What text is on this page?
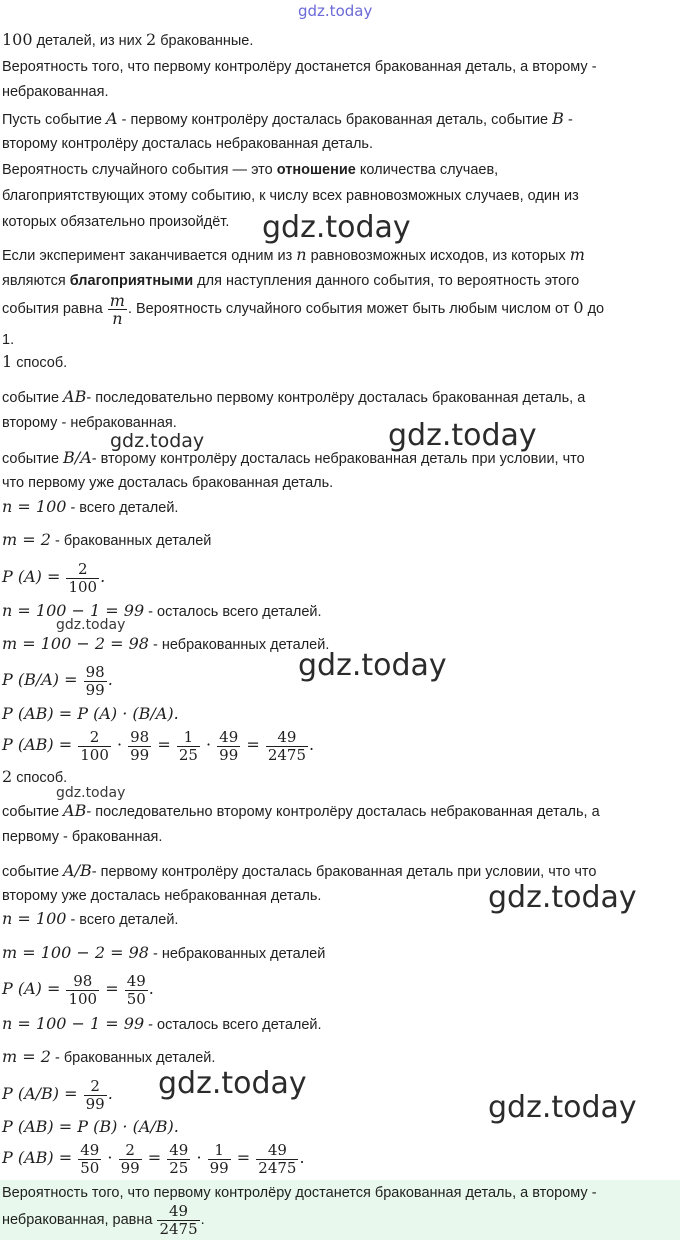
gdz.today
gdz.today
gdz.today
gdz.today
gdz.today
gdz.today
gdz.today
gdz.today
gdz.today
gdz.today
100 деталей, из них 2 бракованные.
Вероятность того, что первому контролёру достанется бракованная деталь, а второму -
небракованная.
Пусть событие A - первому контролёру досталась бракованная деталь, событие B -
второму контролёру досталась небракованная деталь.
Вероятность случайного события — это отношение количества случаев,
благоприятствующих этому событию, к числу всех равновозможных случаев, один из
которых обязательно произойдёт.
Если эксперимент заканчивается одним из n равновозможных исходов, из которых m
являются благоприятными для наступления данного события, то вероятность этого
события равна $\frac{m}{n}$ . Вероятность случайного события может быть любым числом от 0 до
1.
1 способ.
событие AB- последовательно первому контролёру досталась бракованная деталь, а
второму - небракованная.
событие B/A- второму контролёру досталась небракованная деталь при условии, что
что первому уже досталась бракованная деталь.
n = 100 - всего деталей.
m = 2 - бракованных деталей
P $(A) = \frac{2}{100}$ .
n = 100 − 1 = 99 - осталось всего деталей.
m = 100 − 2 = 98 - небракованных деталей.
P $(B/A) = \frac{98}{99}$ .
P (AB) = P (A) · (B/A).
P $(AB) = \frac{2}{100} \cdot \frac{98}{99} = \frac{1}{25} \cdot \frac{49}{99} = \frac{49}{2475}$ .
2 способ.
событие AB- последовательно второму контролёру досталась небракованная деталь, а
первому - бракованная.
событие A/B- первому контролёру досталась бракованная деталь при условии, что что
второму уже досталась небракованная деталь.
n = 100 - всего деталей.
m = 100 − 2 = 98 - небракованных деталей
P $(A) = \frac{98}{100} = \frac{49}{50}$ .
n = 100 − 1 = 99 - осталось всего деталей.
m = 2 - бракованных деталей.
P $(A/B) = \frac{2}{99}$ .
P (AB) = P (B) · (A/B).
P $(AB) = \frac{49}{50} \cdot \frac{2}{99} = \frac{49}{25} \cdot \frac{1}{99} = \frac{49}{2475}$ .
Вероятность того, что первому контролёру достанется бракованная деталь, а второму -
небракованная, равна $\frac{49}{2475}$ .
